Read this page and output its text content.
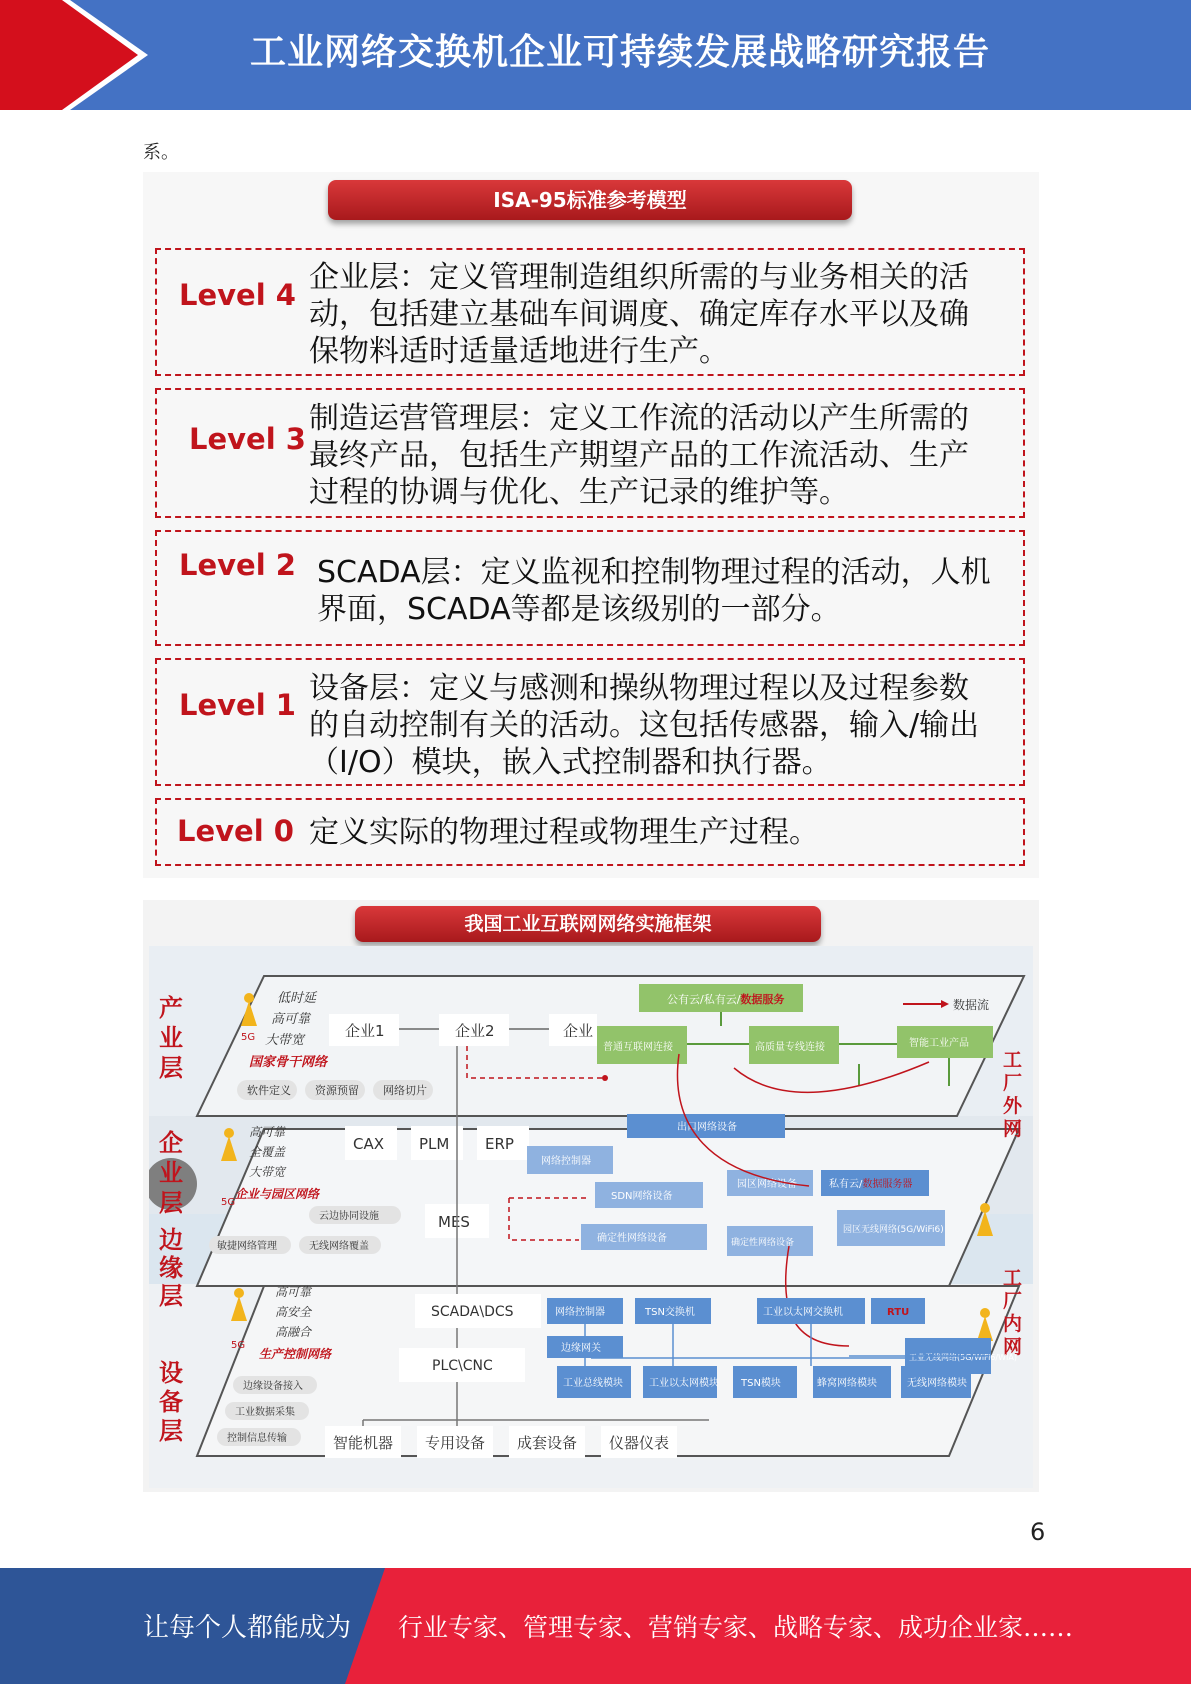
工业网络交换机企业可持续发展战略研究报告
系。
ISA-95标准参考模型
Level 4 企业层：定义管理制造组织所需的与业务相关的活
动，包括建立基础车间调度、确定库存水平以及确
保物料适时适量适地进行生产。
Level 3
制造运营管理层：定义工作流的活动以产生所需的
最终产品，包括生产期望产品的工作流活动、生产
过程的协调与优化、生产记录的维护等。
Level 2 SCADA层：定义监视和控制物理过程的活动，人机
界面，SCADA等都是该级别的一部分。
Level 1 设备层：定义与感测和操纵物理过程以及过程参数
的自动控制有关的活动。这包括传感器，输入/输出
（I/O）模块，嵌入式控制器和执行器。
Level 0 定义实际的物理过程或物理生产过程。
我国工业互联网网络实施框架
产
业
层
企
业
层
边
缘
层
设
备
层
工
厂
外
网
工
厂
内
网
数据流
5G
5G
5G
低时延
高可靠
大带宽
国家骨干网络
软件定义 资源预留 网络切片
企业1	企业2	企业
公有云/私有云/数据服务
普通互联网连接	高质量专线连接	智能工业产品
高可靠
全覆盖
大带宽
企业与园区网络
敏捷网络管理	无线网络覆盖
云边协同设施
CAX PLM ERP
MES
出口网络设备
网络控制器
SDN网络设备
园区网络设备	私有云/数据服务器
园区无线网络(5G/WiFi6)
确定性网络设备	确定性网络设备
高可靠
高安全
高融合
生产控制网络
边缘设备接入
工业数据采集
控制信息传输
SCADA\DCS
PLC\CNC
网络控制器	TSN交换机	工业以太网交换机	RTU
边缘网关
工业无线网络(5G/WiFi6/WIA)
工业总线模块	工业以太网模块 TSN模块	蜂窝网络模块	无线网络模块
智能机器 专用设备 成套设备 仪器仪表
6
让每个人都能成为 行业专家、管理专家、营销专家、战略专家、成功企业家……
